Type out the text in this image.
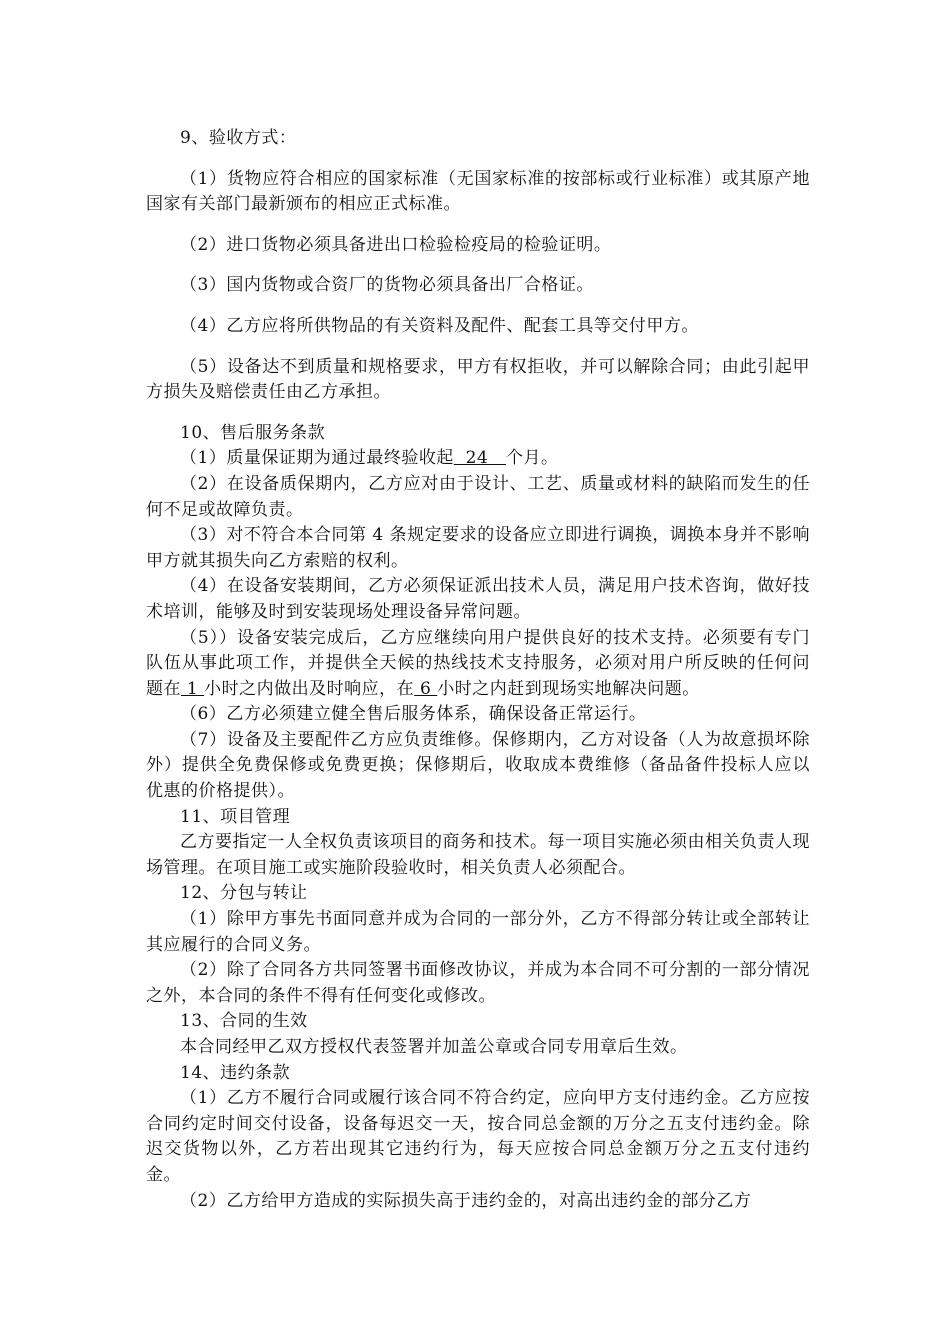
9、验收方式：

（1）货物应符合相应的国家标准（无国家标准的按部标或行业标准）或其原产地国家有关部门最新颁布的相应正式标准。

（2）进口货物必须具备进出口检验检疫局的检验证明。

（3）国内货物或合资厂的货物必须具备出厂合格证。

（4）乙方应将所供物品的有关资料及配件、配套工具等交付甲方。

（5）设备达不到质量和规格要求，甲方有权拒收，并可以解除合同；由此引起甲方损失及赔偿责任由乙方承担。

10、售后服务条款

（1）质量保证期为通过最终验收起  24   个月。

（2）在设备质保期内，乙方应对由于设计、工艺、质量或材料的缺陷而发生的任何不足或故障负责。

（3）对不符合本合同第 4 条规定要求的设备应立即进行调换，调换本身并不影响甲方就其损失向乙方索赔的权利。

（4）在设备安装期间，乙方必须保证派出技术人员，满足用户技术咨询，做好技术培训，能够及时到安装现场处理设备异常问题。

（5））设备安装完成后，乙方应继续向用户提供良好的技术支持。必须要有专门队伍从事此项工作，并提供全天候的热线技术支持服务，必须对用户所反映的任何问题在 1 小时之内做出及时响应，在 6 小时之内赶到现场实地解决问题。

（6）乙方必须建立健全售后服务体系，确保设备正常运行。

（7）设备及主要配件乙方应负责维修。保修期内，乙方对设备（人为故意损坏除外）提供全免费保修或免费更换；保修期后，收取成本费维修（备品备件投标人应以优惠的价格提供）。

11、项目管理

乙方要指定一人全权负责该项目的商务和技术。每一项目实施必须由相关负责人现场管理。在项目施工或实施阶段验收时，相关负责人必须配合。

12、分包与转让

（1）除甲方事先书面同意并成为合同的一部分外，乙方不得部分转让或全部转让其应履行的合同义务。

（2）除了合同各方共同签署书面修改协议，并成为本合同不可分割的一部分情况之外，本合同的条件不得有任何变化或修改。

13、合同的生效

本合同经甲乙双方授权代表签署并加盖公章或合同专用章后生效。

14、违约条款

（1）乙方不履行合同或履行该合同不符合约定，应向甲方支付违约金。乙方应按合同约定时间交付设备，设备每迟交一天，按合同总金额的万分之五支付违约金。除迟交货物以外，乙方若出现其它违约行为，每天应按合同总金额万分之五支付违约金。

（2）乙方给甲方造成的实际损失高于违约金的，对高出违约金的部分乙方
